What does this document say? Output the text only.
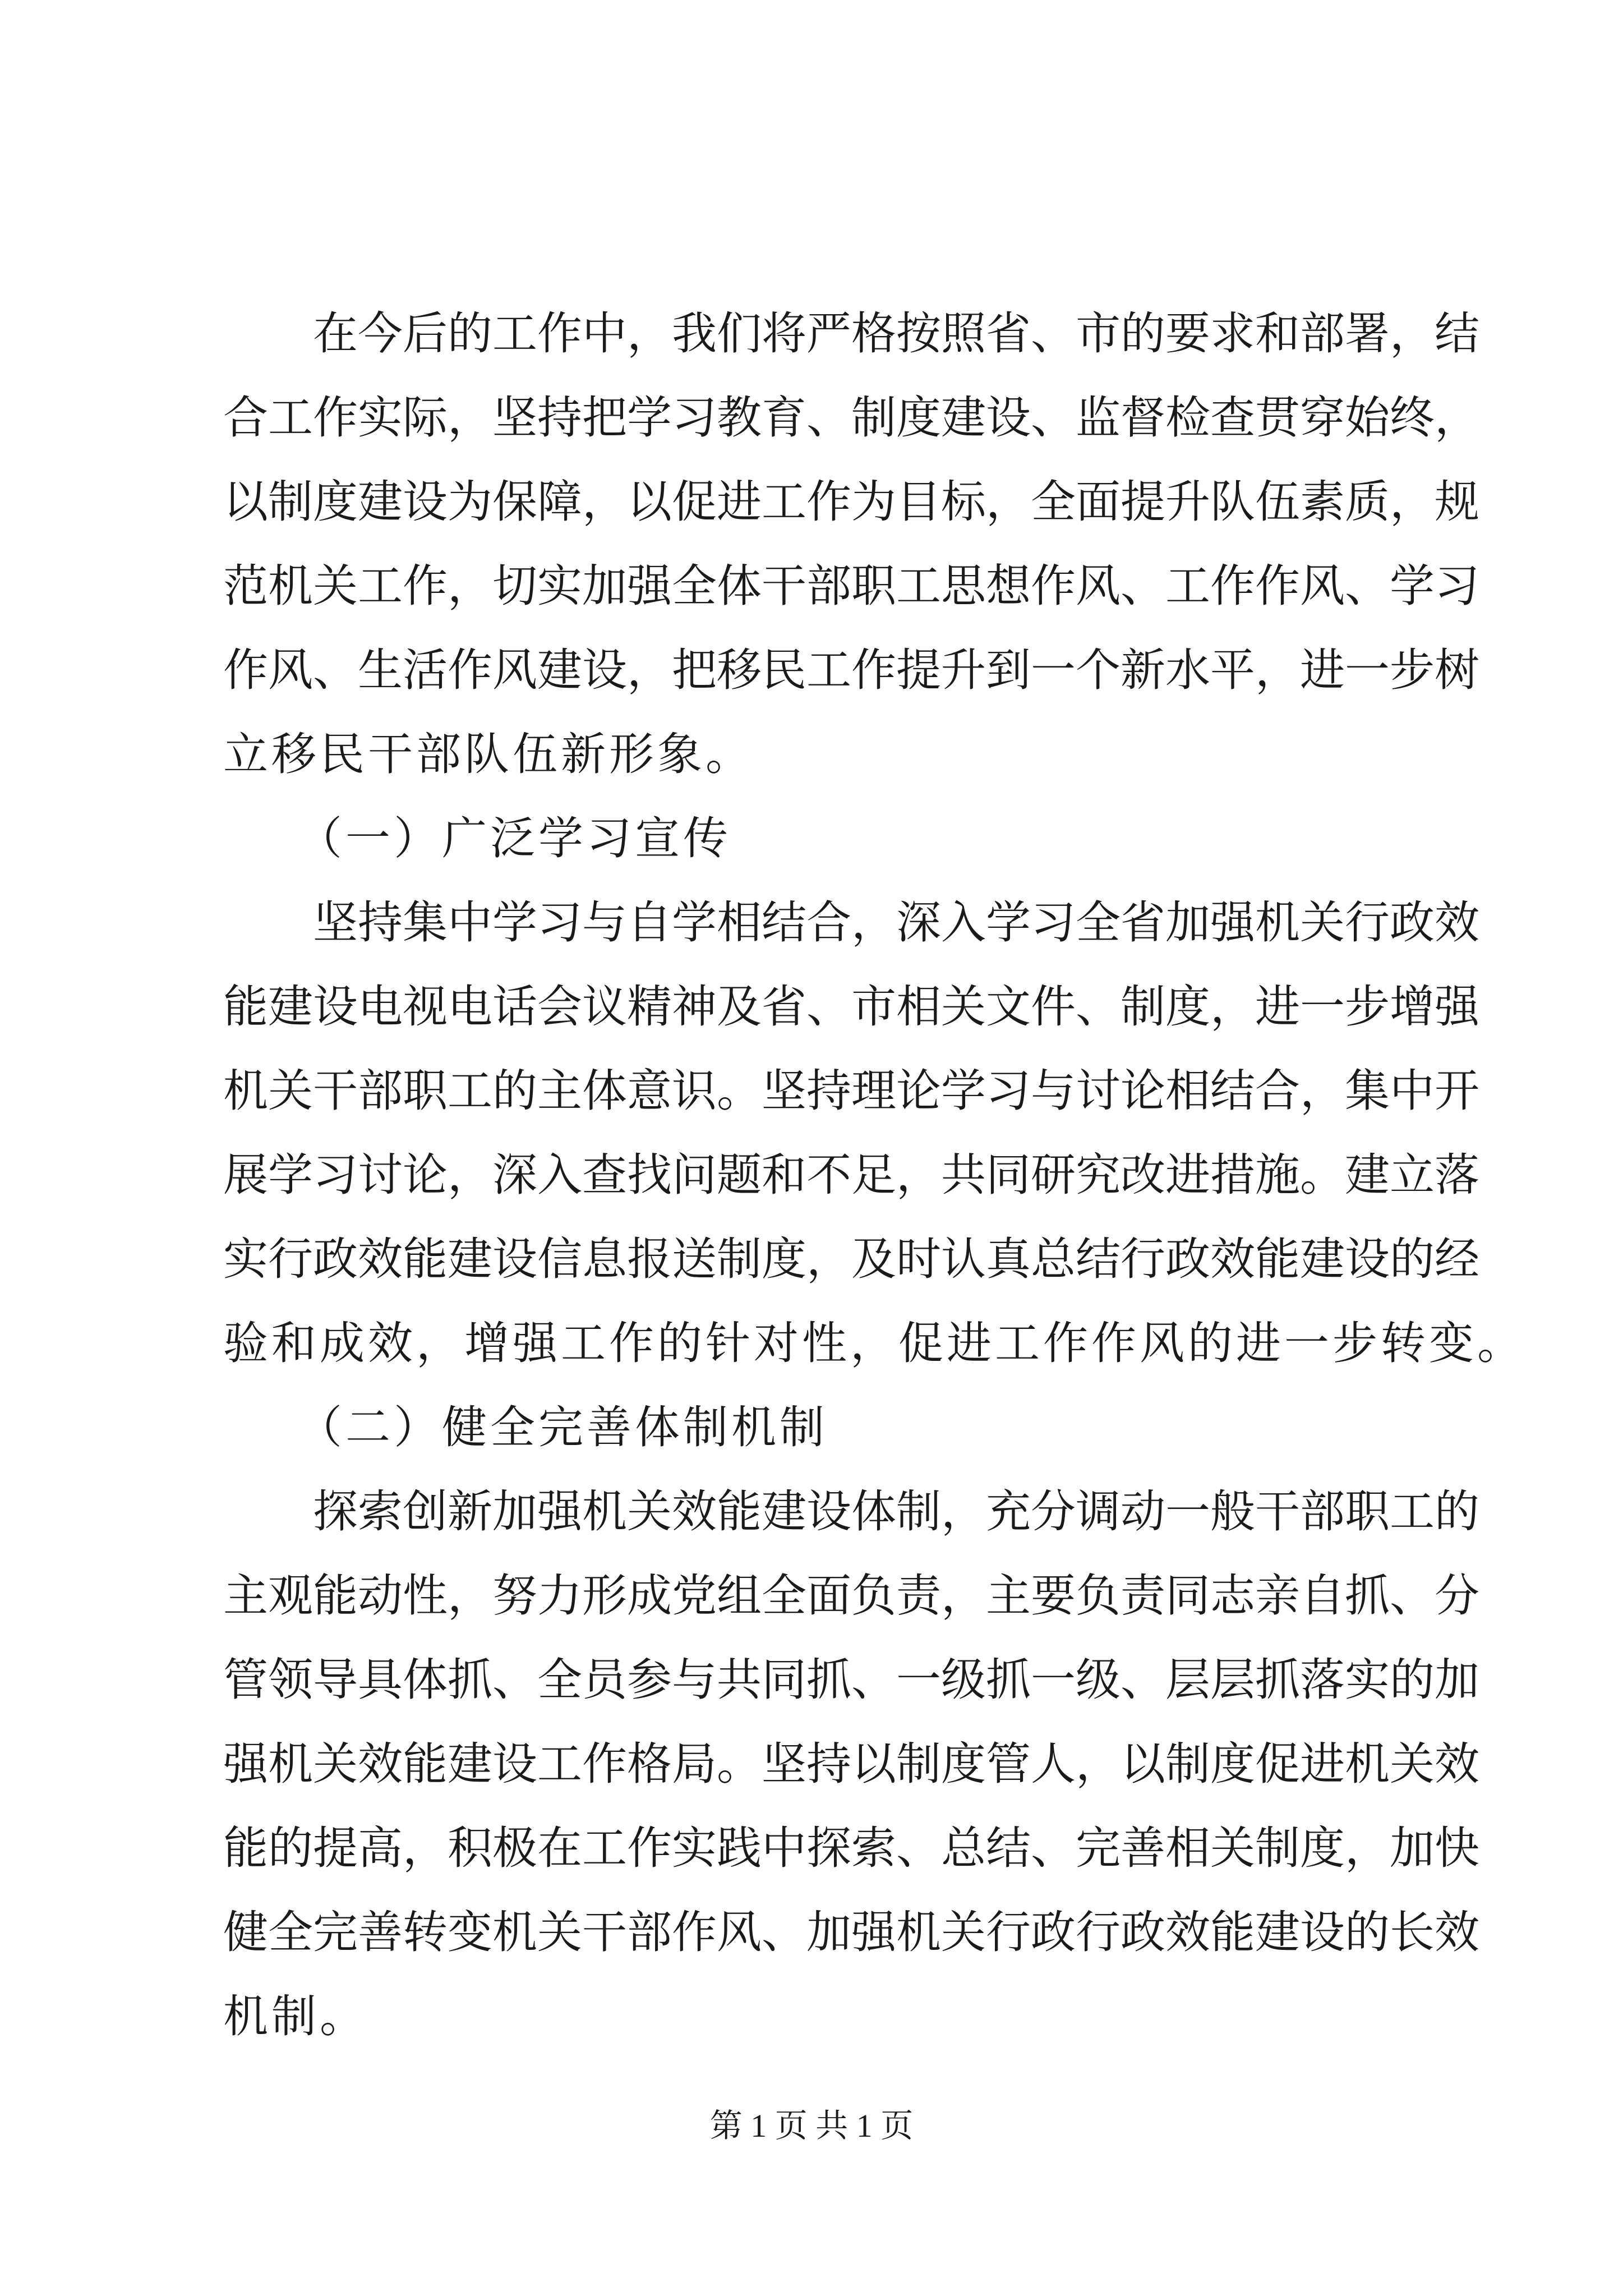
　　在今后的工作中，我们将严格按照省、市的要求和部署，结
合工作实际，坚持把学习教育、制度建设、监督检查贯穿始终，
以制度建设为保障，以促进工作为目标，全面提升队伍素质，规
范机关工作，切实加强全体干部职工思想作风、工作作风、学习
作风、生活作风建设，把移民工作提升到一个新水平，进一步树
立移民干部队伍新形象。
　　（一）广泛学习宣传
　　坚持集中学习与自学相结合，深入学习全省加强机关行政效
能建设电视电话会议精神及省、市相关文件、制度，进一步增强
机关干部职工的主体意识。坚持理论学习与讨论相结合，集中开
展学习讨论，深入查找问题和不足，共同研究改进措施。建立落
实行政效能建设信息报送制度，及时认真总结行政效能建设的经
验和成效，增强工作的针对性，促进工作作风的进一步转变。
　　（二）健全完善体制机制
　　探索创新加强机关效能建设体制，充分调动一般干部职工的
主观能动性，努力形成党组全面负责，主要负责同志亲自抓、分
管领导具体抓、全员参与共同抓、一级抓一级、层层抓落实的加
强机关效能建设工作格局。坚持以制度管人，以制度促进机关效
能的提高，积极在工作实践中探索、总结、完善相关制度，加快
健全完善转变机关干部作风、加强机关行政行政效能建设的长效
机制。
第 1 页 共 1 页
